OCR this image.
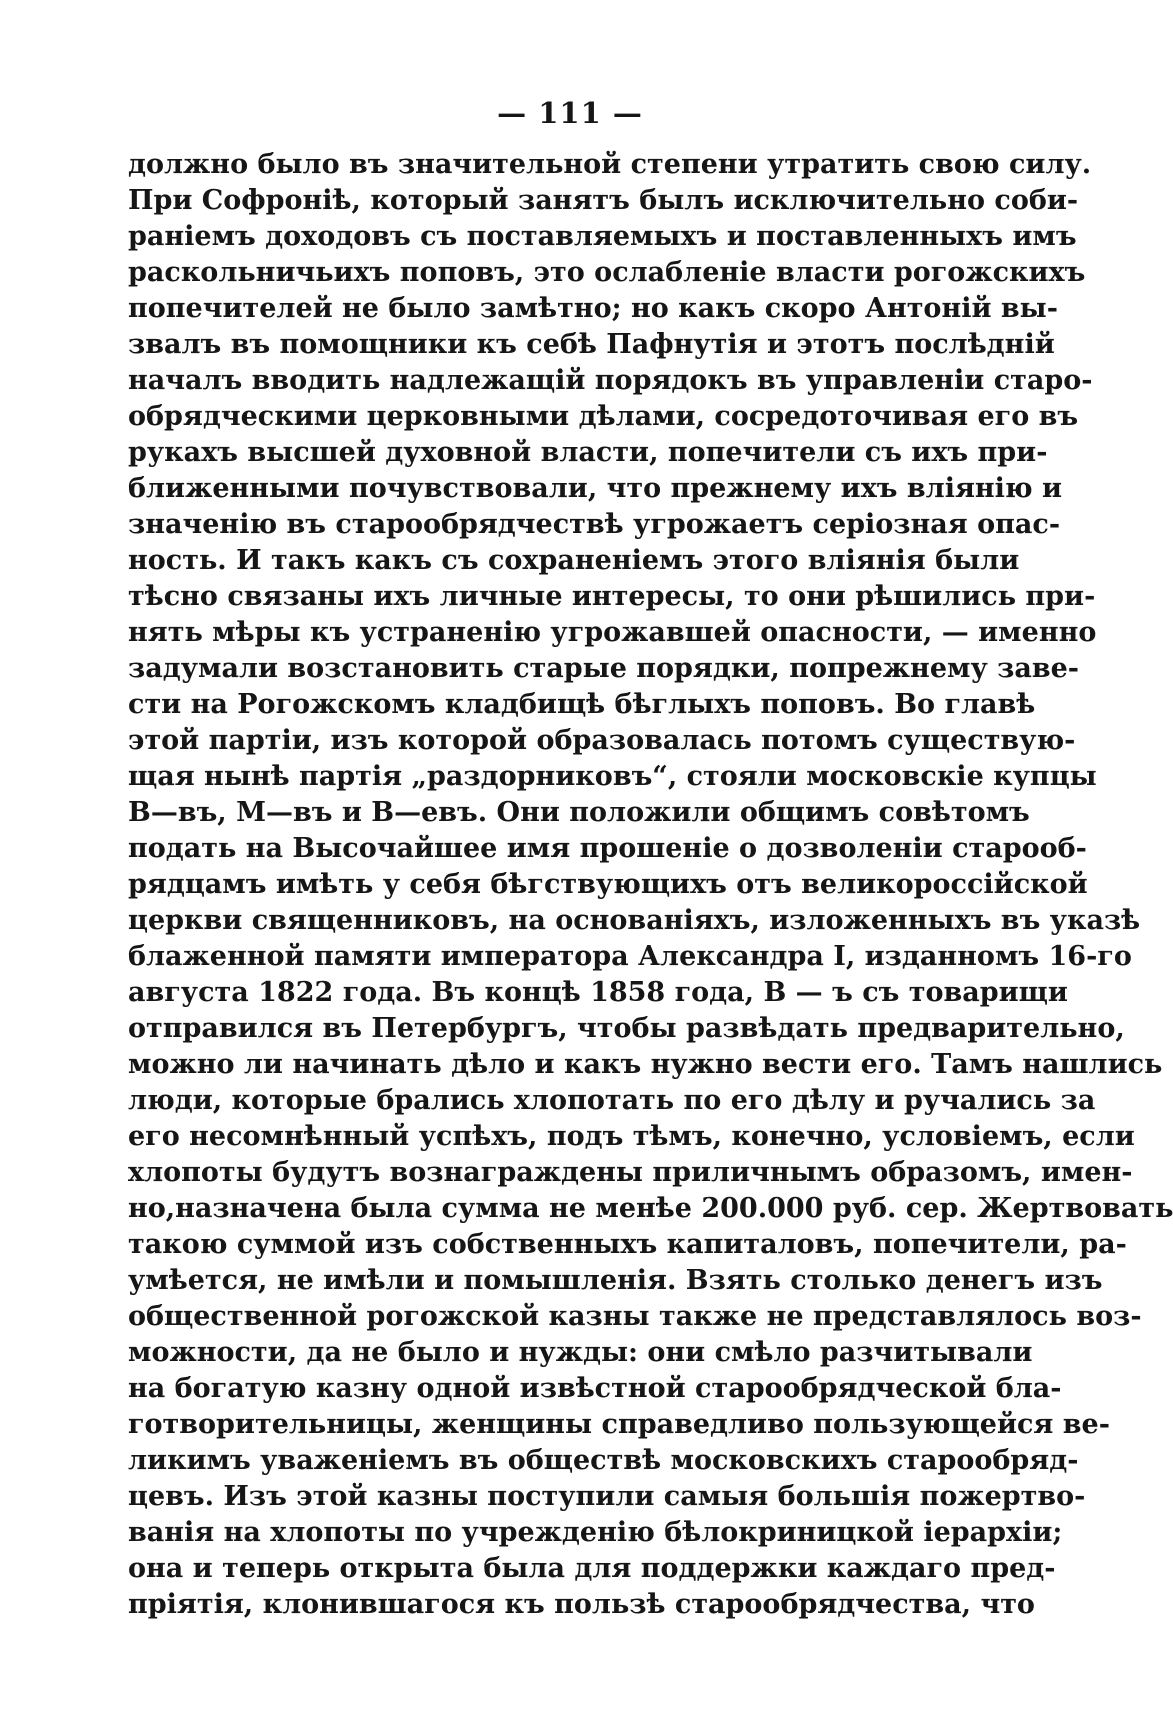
— 111 —
должно было въ значительной степени утратить свою силу.
При Софроніѣ, который занятъ былъ исключительно соби-
раніемъ доходовъ съ поставляемыхъ и поставленныхъ имъ
раскольничьихъ поповъ, это ослабленіе власти рогожскихъ
попечителей не было замѣтно; но какъ скоро Антоній вы-
звалъ въ помощники къ себѣ Пафнутія и этотъ послѣдній
началъ вводить надлежащій порядокъ въ управленіи старо-
обрядческими церковными дѣлами, сосредоточивая его въ
рукахъ высшей духовной власти, попечители съ ихъ при-
ближенными почувствовали, что прежнему ихъ вліянію и
значенію въ старообрядчествѣ угрожаетъ серіозная опас-
ность. И такъ какъ съ сохраненіемъ этого вліянія были
тѣсно связаны ихъ личные интересы, то они рѣшились при-
нять мѣры къ устраненію угрожавшей опасности, — именно
задумали возстановить старые порядки, попрежнему заве-
сти на Рогожскомъ кладбищѣ бѣглыхъ поповъ. Во главѣ
этой партіи, изъ которой образовалась потомъ существую-
щая нынѣ партія „раздорниковъ“, стояли московскіе купцы
В—въ, М—въ и В—евъ. Они положили общимъ совѣтомъ
подать на Высочайшее имя прошеніе о дозволеніи старооб-
рядцамъ имѣть у себя бѣгствующихъ отъ великороссійской
церкви священниковъ, на основаніяхъ, изложенныхъ въ указѣ
блаженной памяти императора Александра I, изданномъ 16-го
августа 1822 года. Въ концѣ 1858 года, В — ъ съ товарищи
отправился въ Петербургъ, чтобы развѣдать предварительно,
можно ли начинать дѣло и какъ нужно вести его. Тамъ нашлись
люди, которые брались хлопотать по его дѣлу и ручались за
его несомнѣнный успѣхъ, подъ тѣмъ, конечно, условіемъ, если
хлопоты будутъ вознаграждены приличнымъ образомъ, имен-
но,назначена была сумма не менѣе 200.000 руб. сер. Жертвовать
такою суммой изъ собственныхъ капиталовъ, попечители, ра-
умѣется, не имѣли и помышленія. Взять столько денегъ изъ
общественной рогожской казны также не представлялось воз-
можности, да не было и нужды: они смѣло разчитывали
на богатую казну одной извѣстной старообрядческой бла-
готворительницы, женщины справедливо пользующейся ве-
ликимъ уваженіемъ въ обществѣ московскихъ старообряд-
цевъ. Изъ этой казны поступили самыя большія пожертво-
ванія на хлопоты по учрежденію бѣлокриницкой іерархіи;
она и теперь открыта была для поддержки каждаго пред-
пріятія, клонившагося къ пользѣ старообрядчества, что
